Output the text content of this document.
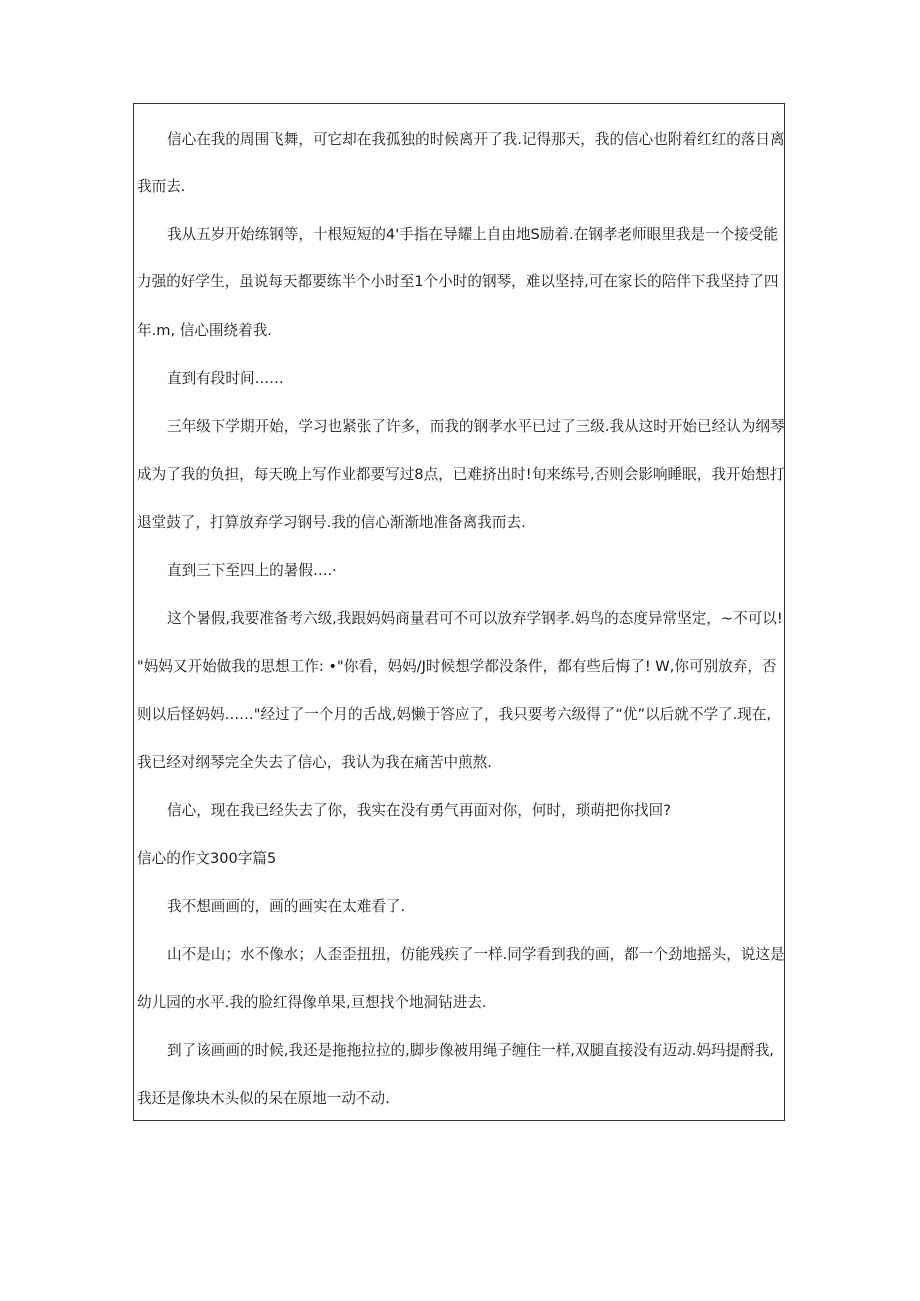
信心在我的周围飞舞，可它却在我孤独的时候离开了我.记得那天，我的信心也附着红红的落日离
我而去.
我从五岁开始练钢等，十根短短的4'手指在导耀上自由地S励着.在钢孝老师眼里我是一个接受能
力强的好学生，虽说每天都要练半个小时至1个小时的钢琴，难以坚持,可在家长的陪伴下我坚持了四
年.m, 信心围绕着我.
直到有段时间……
三年级下学期开始，学习也紧张了许多，而我的钢孝水平已过了三级.我从这时开始已经认为纲琴
成为了我的负担，每天晚上写作业都要写过8点，已难挤出时!旬来练号,否则会影响睡眠，我开始想打
退堂鼓了，打算放弃学习钢号.我的信心渐渐地准备离我而去.
直到三下至四上的暑假….·
这个暑假,我要准备考六级,我跟妈妈商量君可不可以放弃学钢孝.妈鸟的态度异常坚定，~不可以!
"妈妈又开始做我的思想工作: •"你看，妈妈/J时候想学都没条件，都有些后悔了! W,你可别放弃，否
则以后怪妈妈……"经过了一个月的舌战,妈懒于答应了，我只要考六级得了“优”以后就不学了.现在,
我已经对纲琴完全失去了信心，我认为我在痛苦中煎熬.
信心，现在我已经失去了你，我实在没有勇气再面对你，何时，琐萌把你找回?
信心的作文300字篇5
我不想画画的，画的画实在太难看了.
山不是山；水不像水；人歪歪扭扭，仿能残疾了一样.同学看到我的画，都一个劲地摇头，说这是
幼儿园的水平.我的脸红得像单果,亘想找个地洞钻进去.
到了该画画的时候,我还是拖拖拉拉的,脚步像被用绳子缠住一样,双腿直接没有迈动.妈玛提酹我,
我还是像块木头似的呆在原地一动不动.
